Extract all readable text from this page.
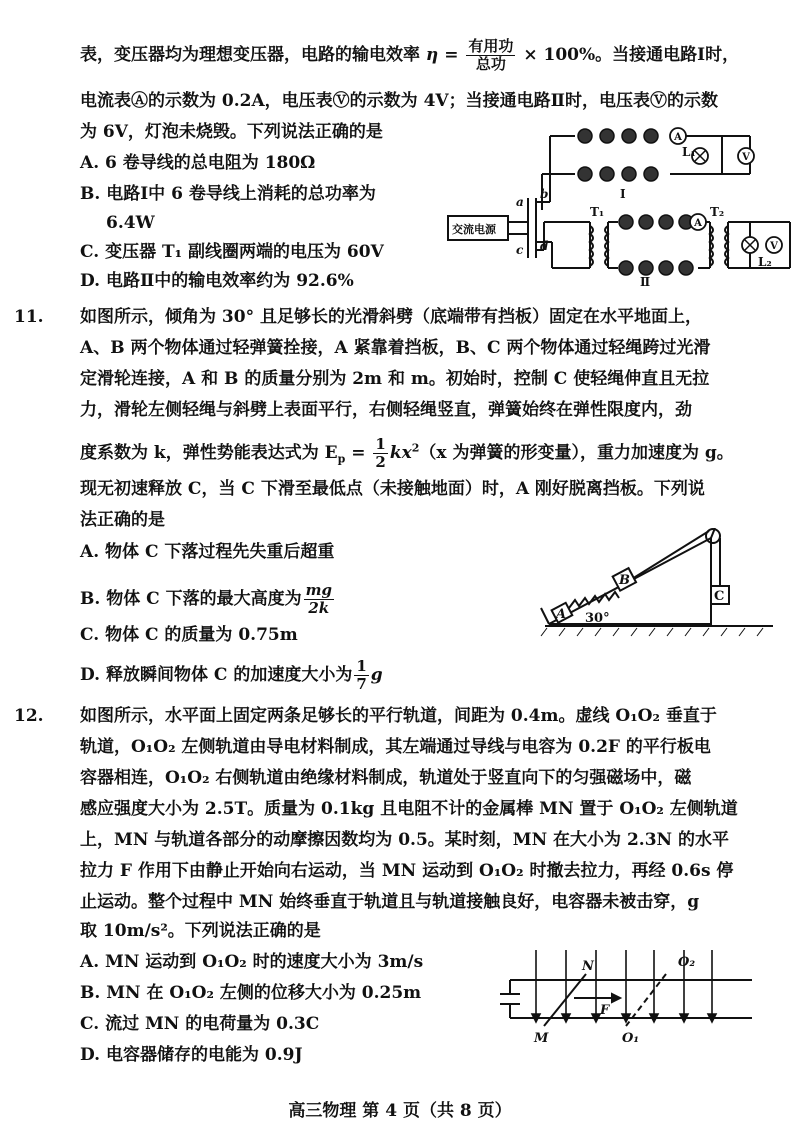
表，变压器均为理想变压器，电路的输电效率 $\eta = \frac{\text{有用功}}{\text{总功}} \times 100\%$。当接通电路Ⅰ时，
电流表Ⓐ的示数为 0.2A，电压表Ⓥ的示数为 4V；当接通电路Ⅱ时，电压表Ⓥ的示数
为 6V，灯泡未烧毁。下列说法正确的是
A. 6 卷导线的总电阻为 180Ω
B. 电路Ⅰ中 6 卷导线上消耗的总功率为
6.4W
C. 变压器 T₁ 副线圈两端的电压为 60V
D. 电路Ⅱ中的输电效率约为 92.6%
A
V
A
V
交流电源
a
b
c d
L₁
L₂
T₁	T₂
Ⅰ
Ⅱ
11. 如图所示，倾角为 30° 且足够长的光滑斜劈（底端带有挡板）固定在水平地面上，
A、B 两个物体通过轻弹簧拴接，A 紧靠着挡板，B、C 两个物体通过轻绳跨过光滑
定滑轮连接，A 和 B 的质量分别为 2m 和 m。初始时，控制 C 使轻绳伸直且无拉
力，滑轮左侧轻绳与斜劈上表面平行，右侧轻绳竖直，弹簧始终在弹性限度内，劲
度系数为 k，弹性势能表达式为 $E_p = \frac{1}{2} kx^2(x$ 为弹簧的形变量），重力加速度为 g。
现无初速释放 C，当 C 下滑至最低点（未接触地面）时，A 刚好脱离挡板。下列说
法正确的是
A. 物体 C 下落过程先失重后超重
B. 物体 C 下落的最大高度为 $\frac{mg}{2k}$
C. 物体 C 的质量为 0.75m
D. 释放瞬间物体 C 的加速度大小为 $\frac{1}{7}$ g
A
B
C
30°
12. 如图所示，水平面上固定两条足够长的平行轨道，间距为 0.4m。虚线 O₁O₂ 垂直于
轨道，O₁O₂ 左侧轨道由导电材料制成，其左端通过导线与电容为 0.2F 的平行板电
容器相连，O₁O₂ 右侧轨道由绝缘材料制成，轨道处于竖直向下的匀强磁场中，磁
感应强度大小为 2.5T。质量为 0.1kg 且电阻不计的金属棒 MN 置于 O₁O₂ 左侧轨道
上，MN 与轨道各部分的动摩擦因数均为 0.5。某时刻，MN 在大小为 2.3N 的水平
拉力 F 作用下由静止开始向右运动，当 MN 运动到 O₁O₂ 时撤去拉力，再经 0.6s 停
止运动。整个过程中 MN 始终垂直于轨道且与轨道接触良好，电容器未被击穿，g
取 10m/s²。下列说法正确的是
A. MN 运动到 O₁O₂ 时的速度大小为 3m/s
B. MN 在 O₁O₂ 左侧的位移大小为 0.25m
C. 流过 MN 的电荷量为 0.3C
D. 电容器储存的电能为 0.9J
N
M
F
O₂
O₁
高三物理 第 4 页（共 8 页）
